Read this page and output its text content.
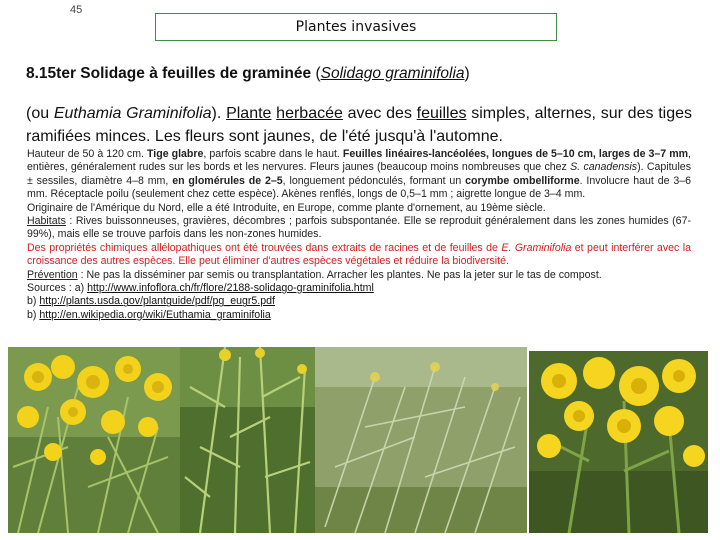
45
Plantes invasives
8.15ter Solidage à feuilles de graminée (Solidago graminifolia)
(ou Euthamia Graminifolia). Plante herbacée avec des feuilles simples, alternes, sur des tiges ramifiées minces. Les fleurs sont jaunes, de l'été jusqu'à l'automne.

Hauteur de 50 à 120 cm. Tige glabre, parfois scabre dans le haut. Feuilles linéaires-lancéolées, longues de 5–10 cm, larges de 3–7 mm, entières, généralement rudes sur les bords et les nervures. Fleurs jaunes (beaucoup moins nombreuses que chez S. canadensis). Capitules ± sessiles, diamètre 4–8 mm, en glomérules de 2–5, longuement pédonculés, formant un corymbe ombelliforme. Involucre haut de 3–6 mm. Réceptacle poilu (seulement chez cette espèce). Akènes renflés, longs de 0,5–1 mm ; aigrette longue de 3–4 mm.

Originaire de l'Amérique du Nord, elle a été Introduite, en Europe, comme plante d'ornement, au 19ème siècle.

Habitats : Rives buissonneuses, gravières, décombres ; parfois subspontanée. Elle se reproduit généralement dans les zones humides (67-99%), mais elle se trouve parfois dans les non-zones humides.

Des propriétés chimiques allélopathiques ont été trouvées dans extraits de racines et de feuilles de E. Graminifolia et peut interférer avec la croissance des autres espèces. Elle peut éliminer d'autres espèces végétales et réduire la biodiversité.

Prévention : Ne pas la disséminer par semis ou transplantation. Arracher les plantes. Ne pas la jeter sur le tas de compost.

Sources : a) http://www.infoflora.ch/fr/flore/2188-solidago-graminifolia.html

b) http://plants.usda.gov/plantguide/pdf/pg_eugr5.pdf

b) http://en.wikipedia.org/wiki/Euthamia_graminifolia
